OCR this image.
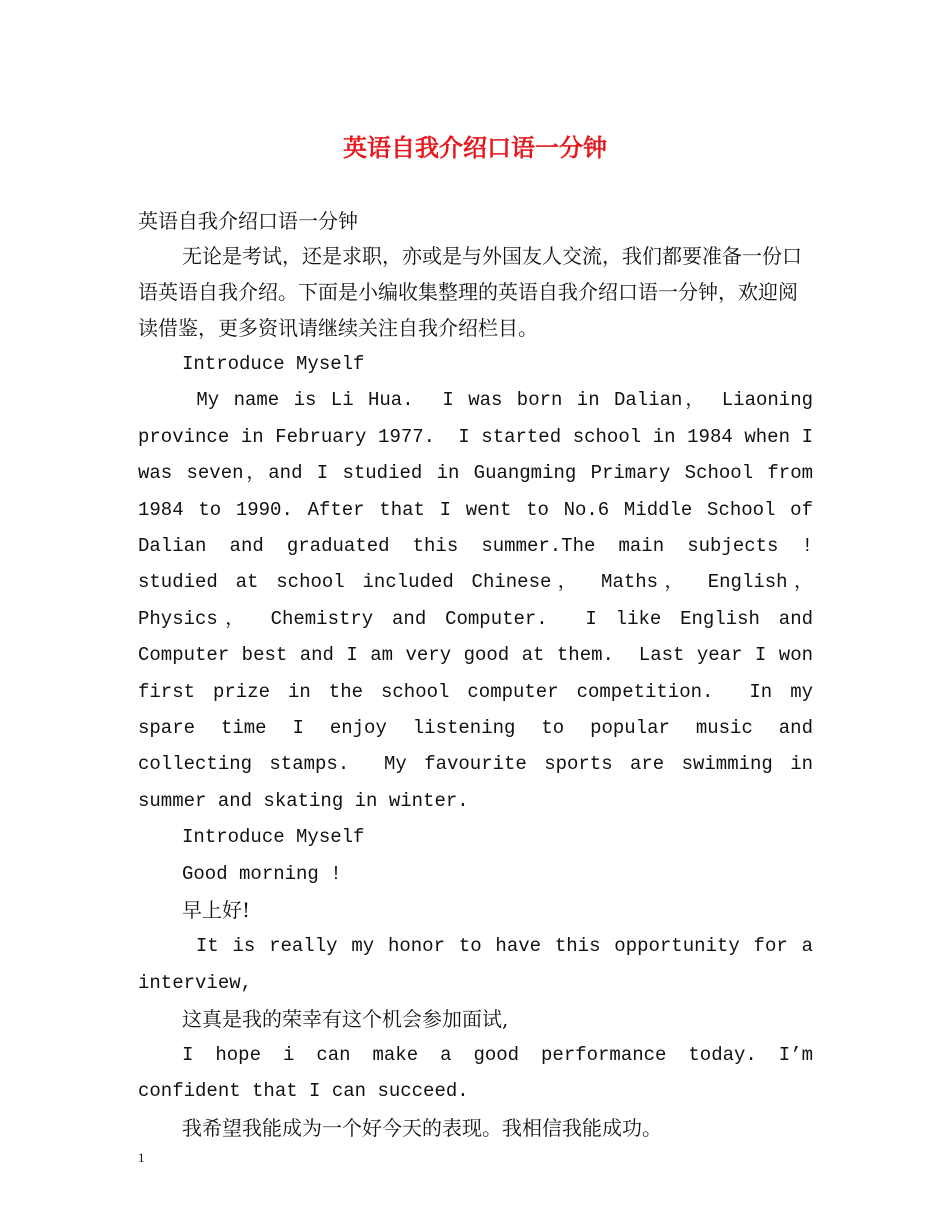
英语自我介绍口语一分钟
英语自我介绍口语一分钟

无论是考试，还是求职，亦或是与外国友人交流，我们都要准备一份口语英语自我介绍。下面是小编收集整理的英语自我介绍口语一分钟，欢迎阅读借鉴，更多资讯请继续关注自我介绍栏目。

Introduce Myself

My name is Li Hua.  I was born in Dalian， Liaoning province in February 1977.  I started school in 1984 when I was seven，and I studied in Guangming Primary School from 1984 to 1990. After that I went to No.6 Middle School of Dalian and graduated this summer.The main subjects ! studied at school included Chinese， Maths， English， Physics， Chemistry and Computer.  I like English and Computer best and I am very good at them.  Last year I won first prize in the school computer competition.  In my spare time I enjoy listening to popular music and collecting stamps.  My favourite sports are swimming in summer and skating in winter.

Introduce Myself

Good morning !

早上好!

It is really my honor to have this opportunity for a interview,

这真是我的荣幸有这个机会参加面试,

I hope i can make a good performance today. I’m confident that I can succeed.

我希望我能成为一个好今天的表现。我相信我能成功。

1
